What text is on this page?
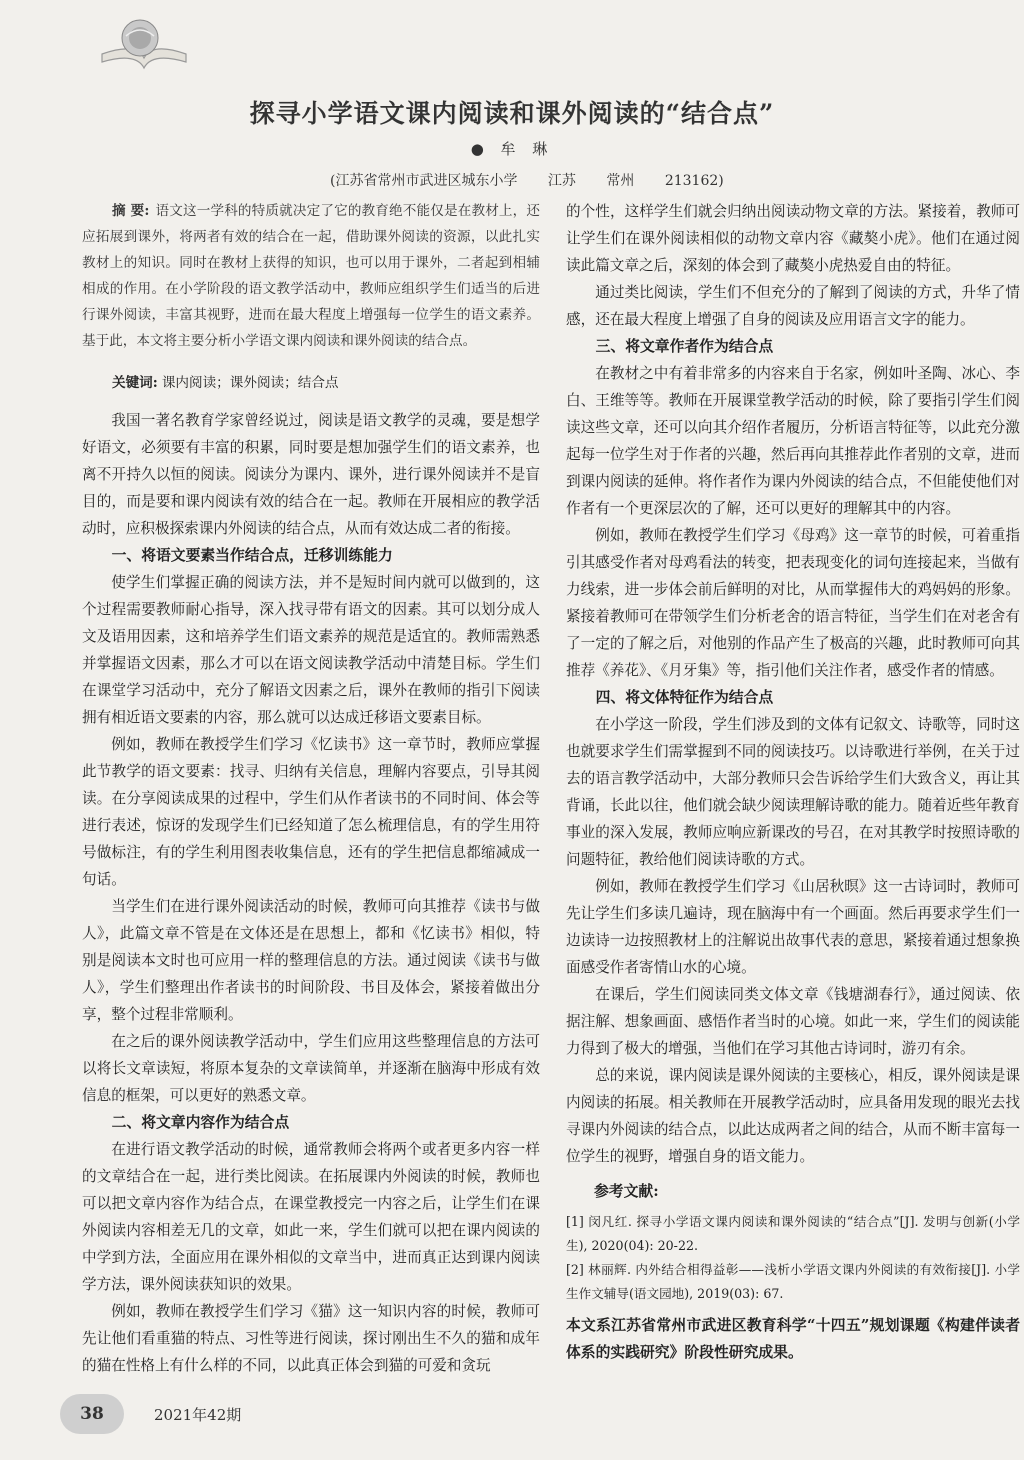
探寻小学语文课内阅读和课外阅读的“结合点”
● 牟 琳
(江苏省常州市武进区城东小学 江苏 常州 213162)
摘 要: 语文这一学科的特质就决定了它的教育绝不能仅是在教材上，还应拓展到课外，将两者有效的结合在一起，借助课外阅读的资源，以此扎实教材上的知识。同时在教材上获得的知识，也可以用于课外，二者起到相辅相成的作用。在小学阶段的语文教学活动中，教师应组织学生们适当的后进行课外阅读，丰富其视野，进而在最大程度上增强每一位学生的语文素养。基于此，本文将主要分析小学语文课内阅读和课外阅读的结合点。
关键词: 课内阅读；课外阅读；结合点

我国一著名教育学家曾经说过，阅读是语文教学的灵魂，要是想学好语文，必须要有丰富的积累，同时要是想加强学生们的语文素养，也离不开持久以恒的阅读。阅读分为课内、课外，进行课外阅读并不是盲目的，而是要和课内阅读有效的结合在一起。教师在开展相应的教学活动时，应积极探索课内外阅读的结合点，从而有效达成二者的衔接。

一、将语文要素当作结合点，迁移训练能力

使学生们掌握正确的阅读方法，并不是短时间内就可以做到的，这个过程需要教师耐心指导，深入找寻带有语文的因素。其可以划分成人文及语用因素，这和培养学生们语文素养的规范是适宜的。教师需熟悉并掌握语文因素，那么才可以在语文阅读教学活动中清楚目标。学生们在课堂学习活动中，充分了解语文因素之后，课外在教师的指引下阅读拥有相近语文要素的内容，那么就可以达成迁移语文要素目标。

例如，教师在教授学生们学习《忆读书》这一章节时，教师应掌握此节教学的语文要素：找寻、归纳有关信息，理解内容要点，引导其阅读。在分享阅读成果的过程中，学生们从作者读书的不同时间、体会等进行表述，惊讶的发现学生们已经知道了怎么梳理信息，有的学生用符号做标注，有的学生利用图表收集信息，还有的学生把信息都缩减成一句话。

当学生们在进行课外阅读活动的时候，教师可向其推荐《读书与做人》，此篇文章不管是在文体还是在思想上，都和《忆读书》相似，特别是阅读本文时也可应用一样的整理信息的方法。通过阅读《读书与做人》，学生们整理出作者读书的时间阶段、书目及体会，紧接着做出分享，整个过程非常顺利。

在之后的课外阅读教学活动中，学生们应用这些整理信息的方法可以将长文章读短，将原本复杂的文章读简单，并逐渐在脑海中形成有效信息的框架，可以更好的熟悉文章。

二、将文章内容作为结合点

在进行语文教学活动的时候，通常教师会将两个或者更多内容一样的文章结合在一起，进行类比阅读。在拓展课内外阅读的时候，教师也可以把文章内容作为结合点，在课堂教授完一内容之后，让学生们在课外阅读内容相差无几的文章，如此一来，学生们就可以把在课内阅读的中学到方法，全面应用在课外相似的文章当中，进而真正达到课内阅读学方法，课外阅读获知识的效果。

例如，教师在教授学生们学习《猫》这一知识内容的时候，教师可先让他们看重猫的特点、习性等进行阅读，探讨刚出生不久的猫和成年的猫在性格上有什么样的不同，以此真正体会到猫的可爱和贪玩

的个性，这样学生们就会归纳出阅读动物文章的方法。紧接着，教师可让学生们在课外阅读相似的动物文章内容《藏獒小虎》。他们在通过阅读此篇文章之后，深刻的体会到了藏獒小虎热爱自由的特征。

通过类比阅读，学生们不但充分的了解到了阅读的方式，升华了情感，还在最大程度上增强了自身的阅读及应用语言文字的能力。

三、将文章作者作为结合点

在教材之中有着非常多的内容来自于名家，例如叶圣陶、冰心、李白、王维等等。教师在开展课堂教学活动的时候，除了要指引学生们阅读这些文章，还可以向其介绍作者履历，分析语言特征等，以此充分激起每一位学生对于作者的兴趣，然后再向其推荐此作者别的文章，进而到课内阅读的延伸。将作者作为课内外阅读的结合点，不但能使他们对作者有一个更深层次的了解，还可以更好的理解其中的内容。

例如，教师在教授学生们学习《母鸡》这一章节的时候，可着重指引其感受作者对母鸡看法的转变，把表现变化的词句连接起来，当做有力线索，进一步体会前后鲜明的对比，从而掌握伟大的鸡妈妈的形象。紧接着教师可在带领学生们分析老舍的语言特征，当学生们在对老舍有了一定的了解之后，对他别的作品产生了极高的兴趣，此时教师可向其推荐《养花》、《月牙集》等，指引他们关注作者，感受作者的情感。

四、将文体特征作为结合点

在小学这一阶段，学生们涉及到的文体有记叙文、诗歌等，同时这也就要求学生们需掌握到不同的阅读技巧。以诗歌进行举例，在关于过去的语言教学活动中，大部分教师只会告诉给学生们大致含义，再让其背诵，长此以往，他们就会缺少阅读理解诗歌的能力。随着近些年教育事业的深入发展，教师应响应新课改的号召，在对其教学时按照诗歌的问题特征，教给他们阅读诗歌的方式。

例如，教师在教授学生们学习《山居秋暝》这一古诗词时，教师可先让学生们多读几遍诗，现在脑海中有一个画面。然后再要求学生们一边读诗一边按照教材上的注解说出故事代表的意思，紧接着通过想象换面感受作者寄情山水的心境。

在课后，学生们阅读同类文体文章《钱塘湖春行》，通过阅读、依据注解、想象画面、感悟作者当时的心境。如此一来，学生们的阅读能力得到了极大的增强，当他们在学习其他古诗词时，游刃有余。

总的来说，课内阅读是课外阅读的主要核心，相反，课外阅读是课内阅读的拓展。相关教师在开展教学活动时，应具备用发现的眼光去找寻课内外阅读的结合点，以此达成两者之间的结合，从而不断丰富每一位学生的视野，增强自身的语文能力。

参考文献:
[1] 闵凡红. 探寻小学语文课内阅读和课外阅读的“结合点”[J]. 发明与创新(小学生), 2020(04): 20-22.
[2] 林丽辉. 内外结合相得益彰——浅析小学语文课内外阅读的有效衔接[J]. 小学生作文辅导(语文园地), 2019(03): 67.
本文系江苏省常州市武进区教育科学“十四五”规划课题《构建伴读者体系的实践研究》阶段性研究成果。
38	2021年42期
